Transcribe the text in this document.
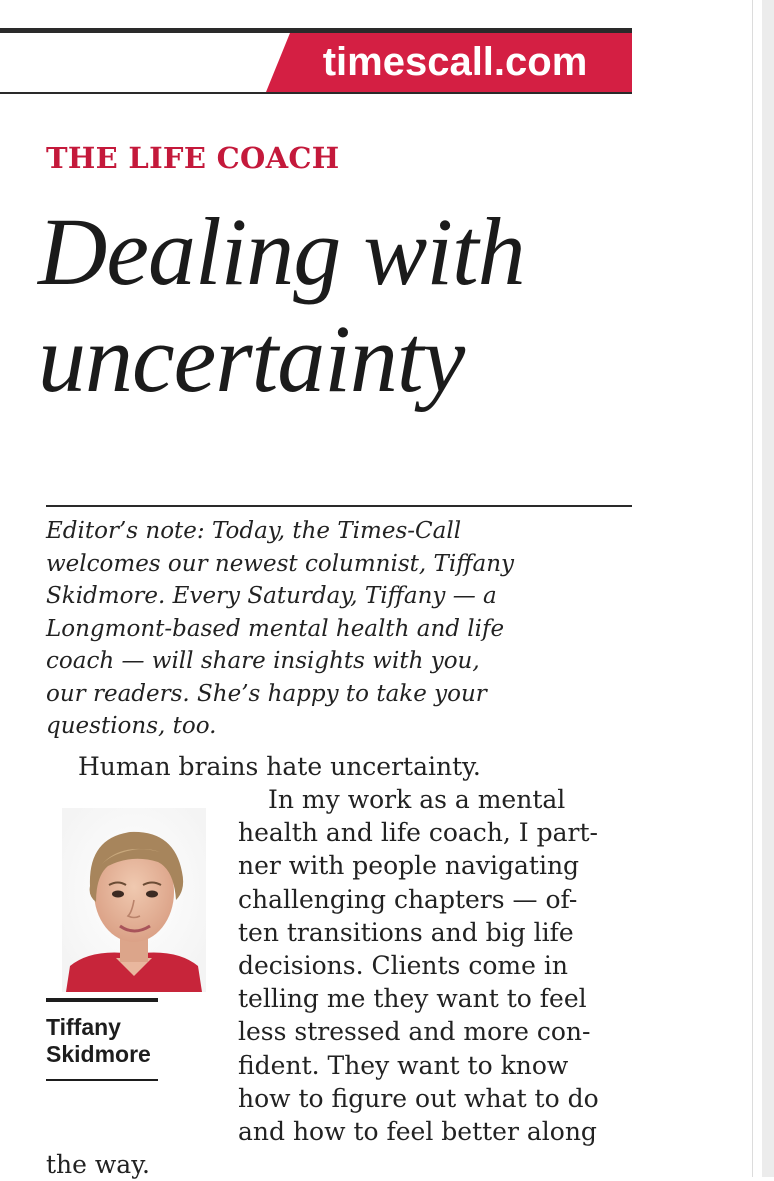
timescall.com
THE LIFE COACH
Dealing with
uncertainty
Editor’s note: Today, the Times-Call
welcomes our newest columnist, Tiffany
Skidmore. Every Saturday, Tiffany — a
Longmont-based mental health and life
coach — will share insights with you,
our readers. She’s happy to take your
questions, too.
Human brains hate uncertainty.
In my work as a mental
health and life coach, I part-
ner with people navigating
challenging chapters — of-
ten transitions and big life
decisions. Clients come in
telling me they want to feel
less stressed and more con-
fident. They want to know
how to figure out what to do
and how to feel better along
Tiffany
Skidmore
the way.
